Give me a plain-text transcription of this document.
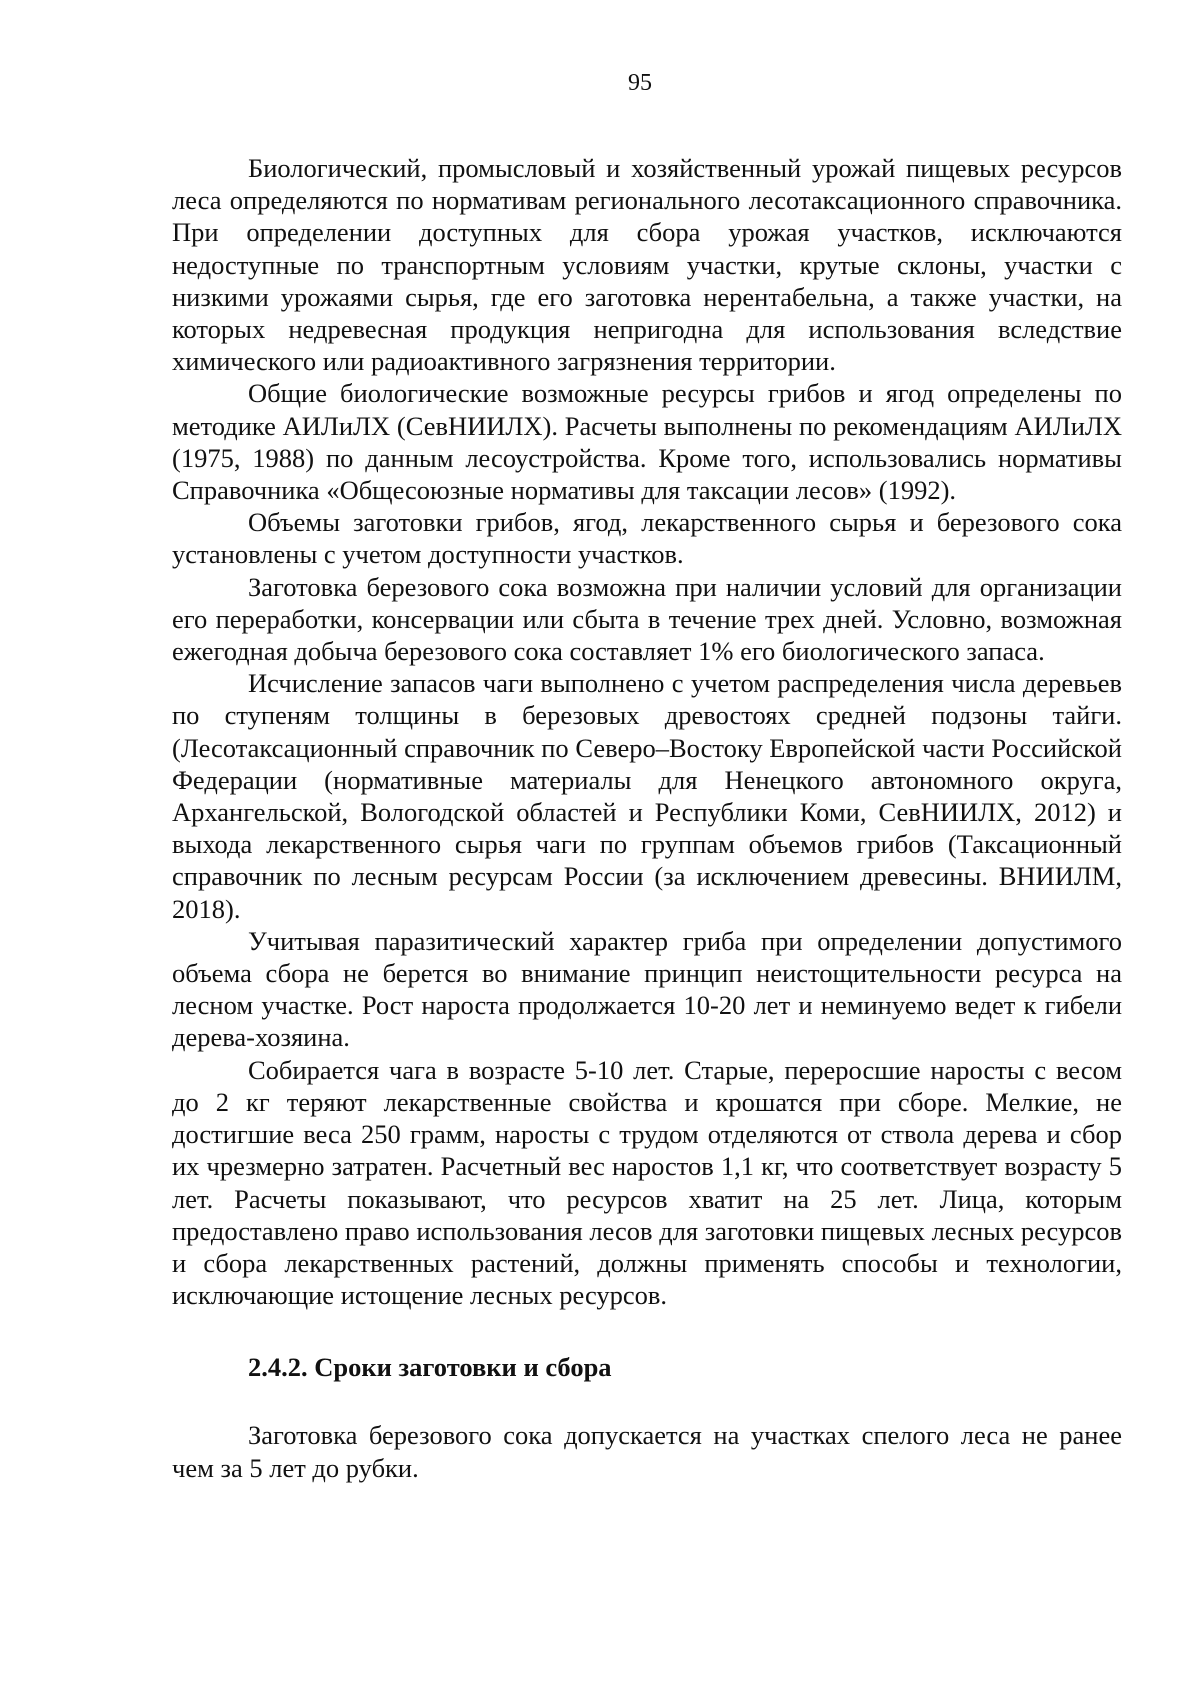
95

Биологический, промысловый и хозяйственный урожай пищевых ресурсов леса определяются по нормативам регионального лесотаксационного справочника. При определении доступных для сбора урожая участков, исключаются недоступные по транспортным условиям участки, крутые склоны, участки с низкими урожаями сырья, где его заготовка нерентабельна, а также участки, на которых недревесная продукция непригодна для использования вследствие химического или радиоактивного загрязнения территории.

Общие биологические возможные ресурсы грибов и ягод определены по методике АИЛиЛХ (СевНИИЛХ). Расчеты выполнены по рекомендациям АИЛиЛХ (1975, 1988) по данным лесоустройства. Кроме того, использовались нормативы Справочника «Общесоюзные нормативы для таксации лесов» (1992).

Объемы заготовки грибов, ягод, лекарственного сырья и березового сока установлены с учетом доступности участков.

Заготовка березового сока возможна при наличии условий для организации его переработки, консервации или сбыта в течение трех дней. Условно, возможная ежегодная добыча березового сока составляет 1% его биологического запаса.

Исчисление запасов чаги выполнено с учетом распределения числа деревьев по ступеням толщины в березовых древостоях средней подзоны тайги. (Лесотаксационный справочник по Северо–Востоку Европейской части Российской Федерации (нормативные материалы для Ненецкого автономного округа, Архангельской, Вологодской областей и Республики Коми, СевНИИЛХ, 2012) и выхода лекарственного сырья чаги по группам объемов грибов (Таксационный справочник по лесным ресурсам России (за исключением древесины. ВНИИЛМ, 2018).

Учитывая паразитический характер гриба при определении допустимого объема сбора не берется во внимание принцип неистощительности ресурса на лесном участке. Рост нароста продолжается 10-20 лет и неминуемо ведет к гибели дерева-хозяина.

Собирается чага в возрасте 5-10 лет. Старые, переросшие наросты с весом до 2 кг теряют лекарственные свойства и крошатся при сборе. Мелкие, не достигшие веса 250 грамм, наросты с трудом отделяются от ствола дерева и сбор их чрезмерно затратен. Расчетный вес наростов 1,1 кг, что соответствует возрасту 5 лет. Расчеты показывают, что ресурсов хватит на 25 лет. Лица, которым предоставлено право использования лесов для заготовки пищевых лесных ресурсов и сбора лекарственных растений, должны применять способы и технологии, исключающие истощение лесных ресурсов.

2.4.2. Сроки заготовки и сбора

Заготовка березового сока допускается на участках спелого леса не ранее чем за 5 лет до рубки.
